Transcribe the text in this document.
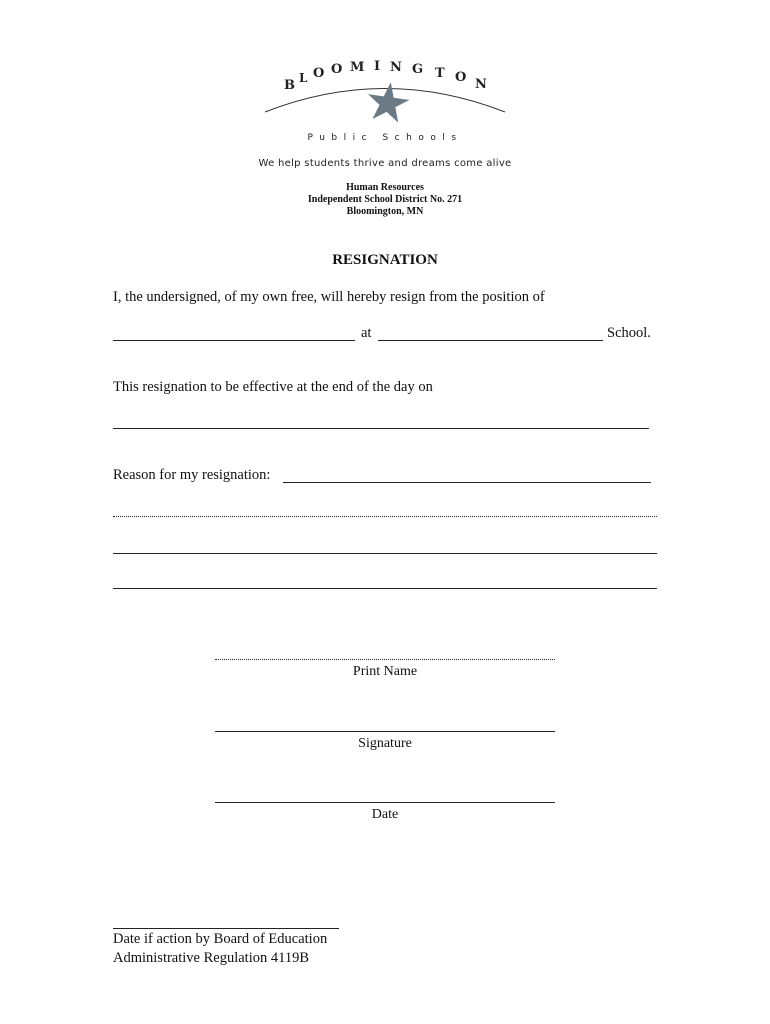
B L O O M I N G T O N
Public Schools
We help students thrive and dreams come alive
Human Resources
Independent School District No. 271
Bloomington, MN
RESIGNATION
I, the undersigned, of my own free, will hereby resign from the position of
at	School.
This resignation to be effective at the end of the day on
Reason for my resignation:
Print Name
Signature
Date
Date if action by Board of Education
Administrative Regulation 4119B
